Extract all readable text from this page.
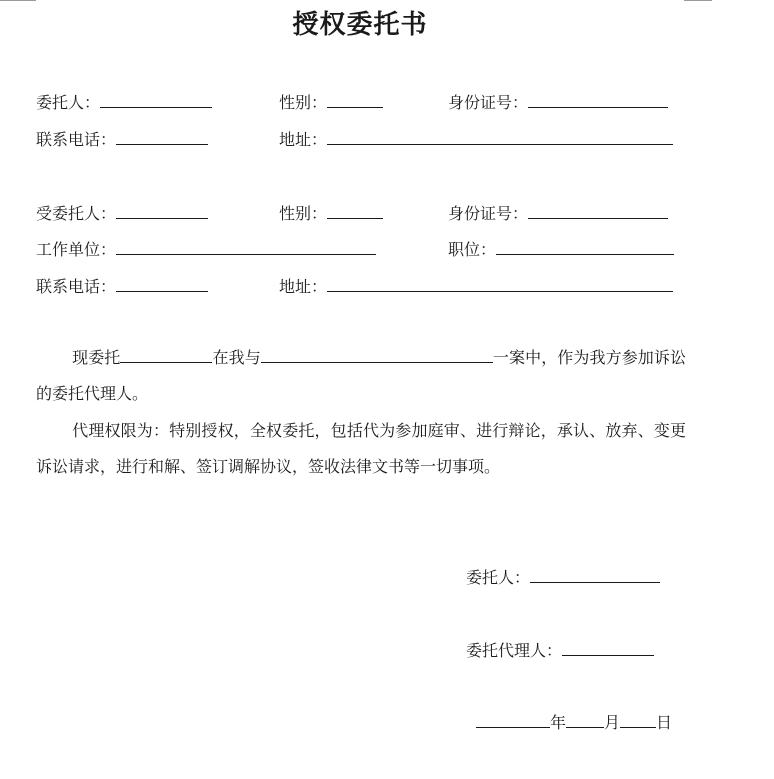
授权委托书
委托人：	性别：	身份证号：
联系电话：	地址：
受委托人：	性别：	身份证号：
工作单位：	职位：
联系电话：	地址：
现委托	在我与	一案中，作为我方参加诉讼的委托代理人。
代理权限为：特别授权，全权委托，包括代为参加庭审、进行辩论，承认、放弃、变更诉讼请求，进行和解、签订调解协议，签收法律文书等一切事项。
委托人：
委托代理人：
年 月 日
